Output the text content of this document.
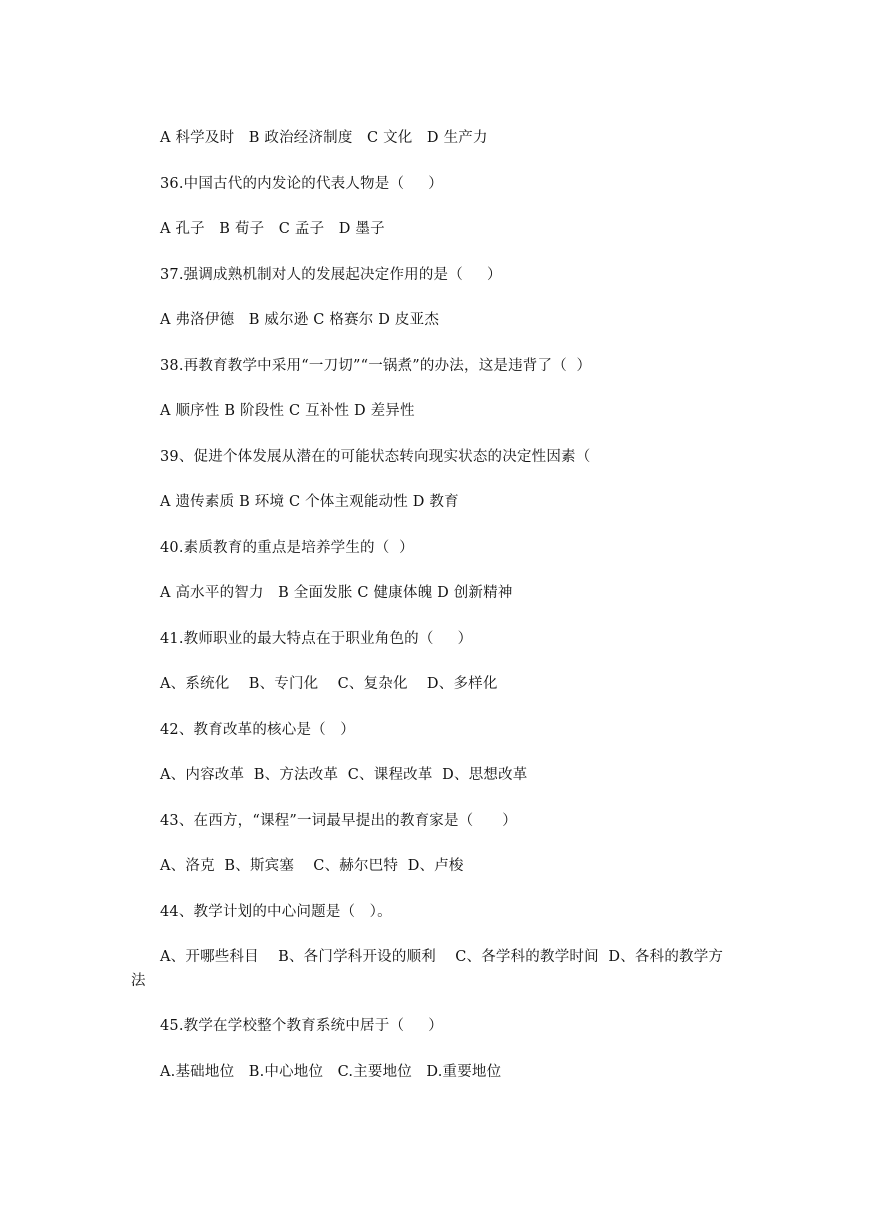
A 科学及时   B 政治经济制度   C 文化   D 生产力
36.中国古代的内发论的代表人物是（     ）
A 孔子   B 荀子   C 孟子   D 墨子
37.强调成熟机制对人的发展起决定作用的是（     ）
A 弗洛伊德   B 威尔逊 C 格赛尔 D 皮亚杰
38.再教育教学中采用“一刀切”“一锅煮”的办法，这是违背了（  ）
A 顺序性 B 阶段性 C 互补性 D 差异性
39、促进个体发展从潜在的可能状态转向现实状态的决定性因素（
A 遗传素质 B 环境 C 个体主观能动性 D 教育
40.素质教育的重点是培养学生的（  ）
A 高水平的智力   B 全面发胀 C 健康体魄 D 创新精神
41.教师职业的最大特点在于职业角色的（     ）
A、系统化    B、专门化    C、复杂化    D、多样化
42、教育改革的核心是（   ）
A、内容改革  B、方法改革  C、课程改革  D、思想改革
43、在西方，“课程”一词最早提出的教育家是（      ）
A、洛克  B、斯宾塞    C、赫尔巴特  D、卢梭
44、教学计划的中心问题是（   ）。
A、开哪些科目    B、各门学科开设的顺利    C、各学科的教学时间  D、各科的教学方
法
45.教学在学校整个教育系统中居于（     ）
A.基础地位   B.中心地位   C.主要地位   D.重要地位
